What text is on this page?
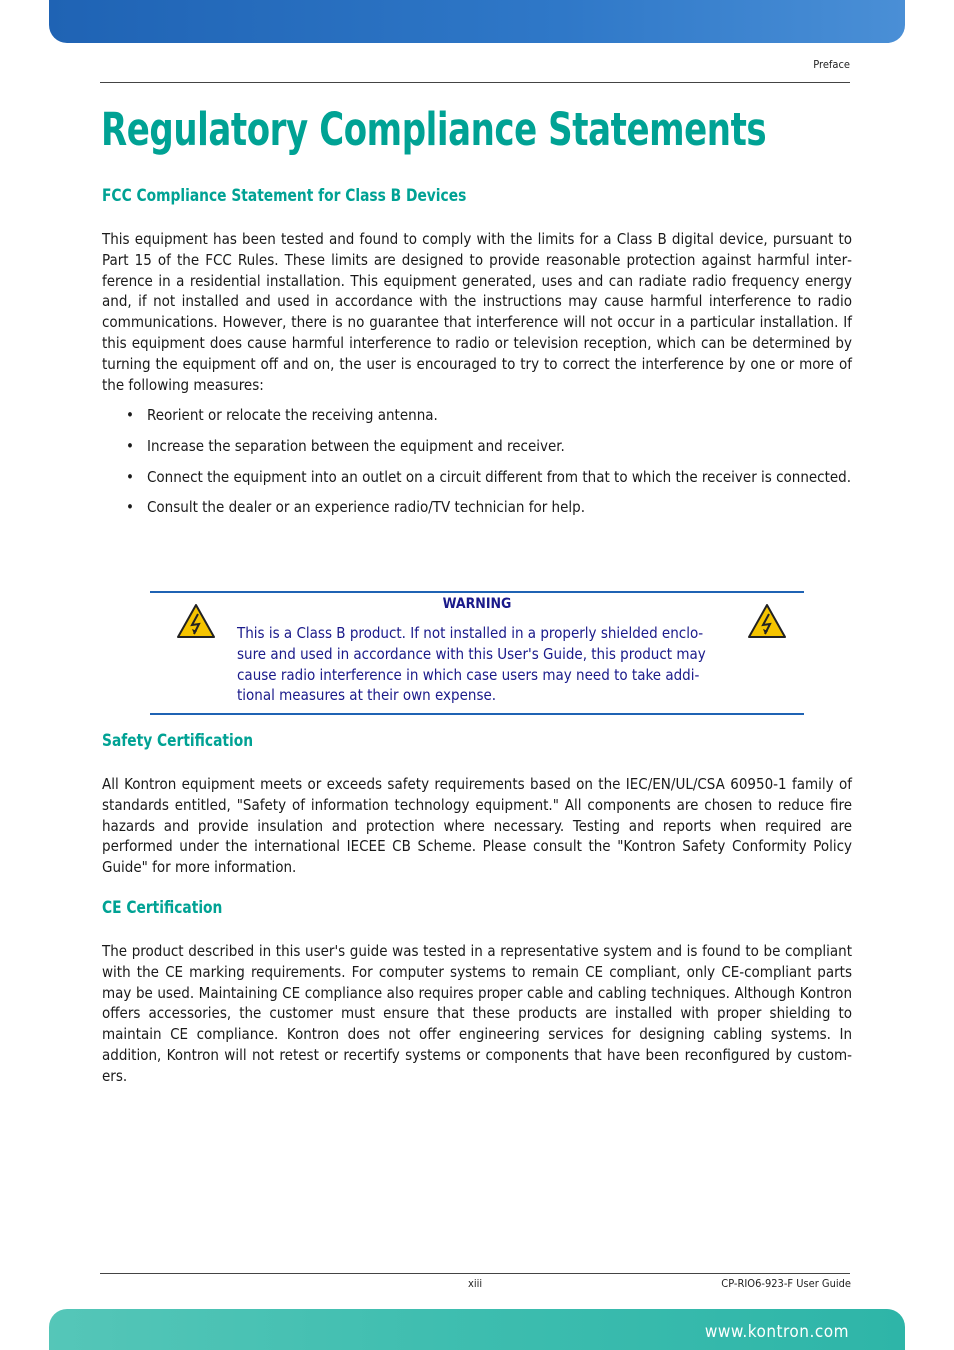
Preface
Regulatory Compliance Statements
FCC Compliance Statement for Class B Devices

This equipment has been tested and found to comply with the limits for a Class B digital device, pursuant to Part 15 of the FCC Rules. These limits are designed to provide reasonable protection against harmful interference in a residential installation. This equipment generated, uses and can radiate radio frequency energy and, if not installed and used in accordance with the instructions may cause harmful interference to radio communications. However, there is no guarantee that interference will not occur in a particular installation. If this equipment does cause harmful interference to radio or television reception, which can be determined by turning the equipment off and on, the user is encouraged to try to correct the interference by one or more of the following measures:

• Reorient or relocate the receiving antenna.
• Increase the separation between the equipment and receiver.
• Connect the equipment into an outlet on a circuit different from that to which the receiver is connected.
• Consult the dealer or an experience radio/TV technician for help.
WARNING

This is a Class B product. If not installed in a properly shielded enclosure and used in accordance with this User's Guide, this product may cause radio interference in which case users may need to take additional measures at their own expense.

Safety Certification

All Kontron equipment meets or exceeds safety requirements based on the IEC/EN/UL/CSA 60950-1 family of standards entitled, "Safety of information technology equipment." All components are chosen to reduce fire hazards and provide insulation and protection where necessary. Testing and reports when required are performed under the international IECEE CB Scheme. Please consult the "Kontron Safety Conformity Policy Guide" for more information.

CE Certification

The product described in this user's guide was tested in a representative system and is found to be compliant with the CE marking requirements. For computer systems to remain CE compliant, only CE-compliant parts may be used. Maintaining CE compliance also requires proper cable and cabling techniques. Although Kontron offers accessories, the customer must ensure that these products are installed with proper shielding to maintain CE compliance. Kontron does not offer engineering services for designing cabling systems. In addition, Kontron will not retest or recertify systems or components that have been reconfigured by customers.

xiii	CP-RIO6-923-F User Guide
www.kontron.com
